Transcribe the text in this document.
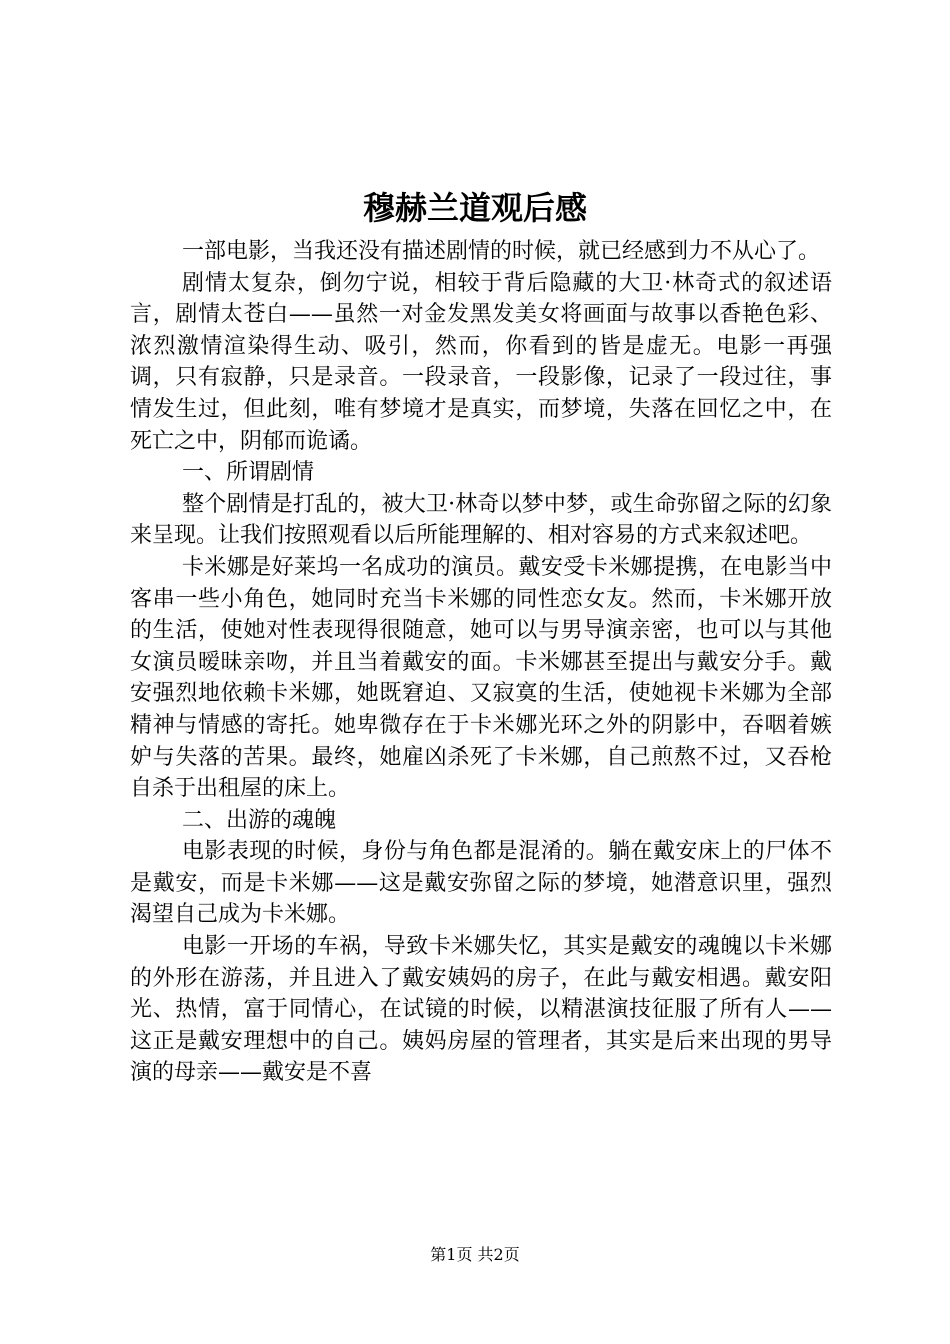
穆赫兰道观后感

一部电影，当我还没有描述剧情的时候，就已经感到力不从心了。

剧情太复杂，倒勿宁说，相较于背后隐藏的大卫·林奇式的叙述语言，剧情太苍白——虽然一对金发黑发美女将画面与故事以香艳色彩、浓烈激情渲染得生动、吸引，然而，你看到的皆是虚无。电影一再强调，只有寂静，只是录音。一段录音，一段影像，记录了一段过往，事情发生过，但此刻，唯有梦境才是真实，而梦境，失落在回忆之中，在死亡之中，阴郁而诡谲。

一、所谓剧情

整个剧情是打乱的，被大卫·林奇以梦中梦，或生命弥留之际的幻象来呈现。让我们按照观看以后所能理解的、相对容易的方式来叙述吧。

卡米娜是好莱坞一名成功的演员。戴安受卡米娜提携，在电影当中客串一些小角色，她同时充当卡米娜的同性恋女友。然而，卡米娜开放的生活，使她对性表现得很随意，她可以与男导演亲密，也可以与其他女演员暧昧亲吻，并且当着戴安的面。卡米娜甚至提出与戴安分手。戴安强烈地依赖卡米娜，她既窘迫、又寂寞的生活，使她视卡米娜为全部精神与情感的寄托。她卑微存在于卡米娜光环之外的阴影中，吞咽着嫉妒与失落的苦果。最终，她雇凶杀死了卡米娜，自己煎熬不过，又吞枪自杀于出租屋的床上。

二、出游的魂魄

电影表现的时候，身份与角色都是混淆的。躺在戴安床上的尸体不是戴安，而是卡米娜——这是戴安弥留之际的梦境，她潜意识里，强烈渴望自己成为卡米娜。

电影一开场的车祸，导致卡米娜失忆，其实是戴安的魂魄以卡米娜的外形在游荡，并且进入了戴安姨妈的房子，在此与戴安相遇。戴安阳光、热情，富于同情心，在试镜的时候，以精湛演技征服了所有人——这正是戴安理想中的自己。姨妈房屋的管理者，其实是后来出现的男导演的母亲——戴安是不喜

第1页 共2页
